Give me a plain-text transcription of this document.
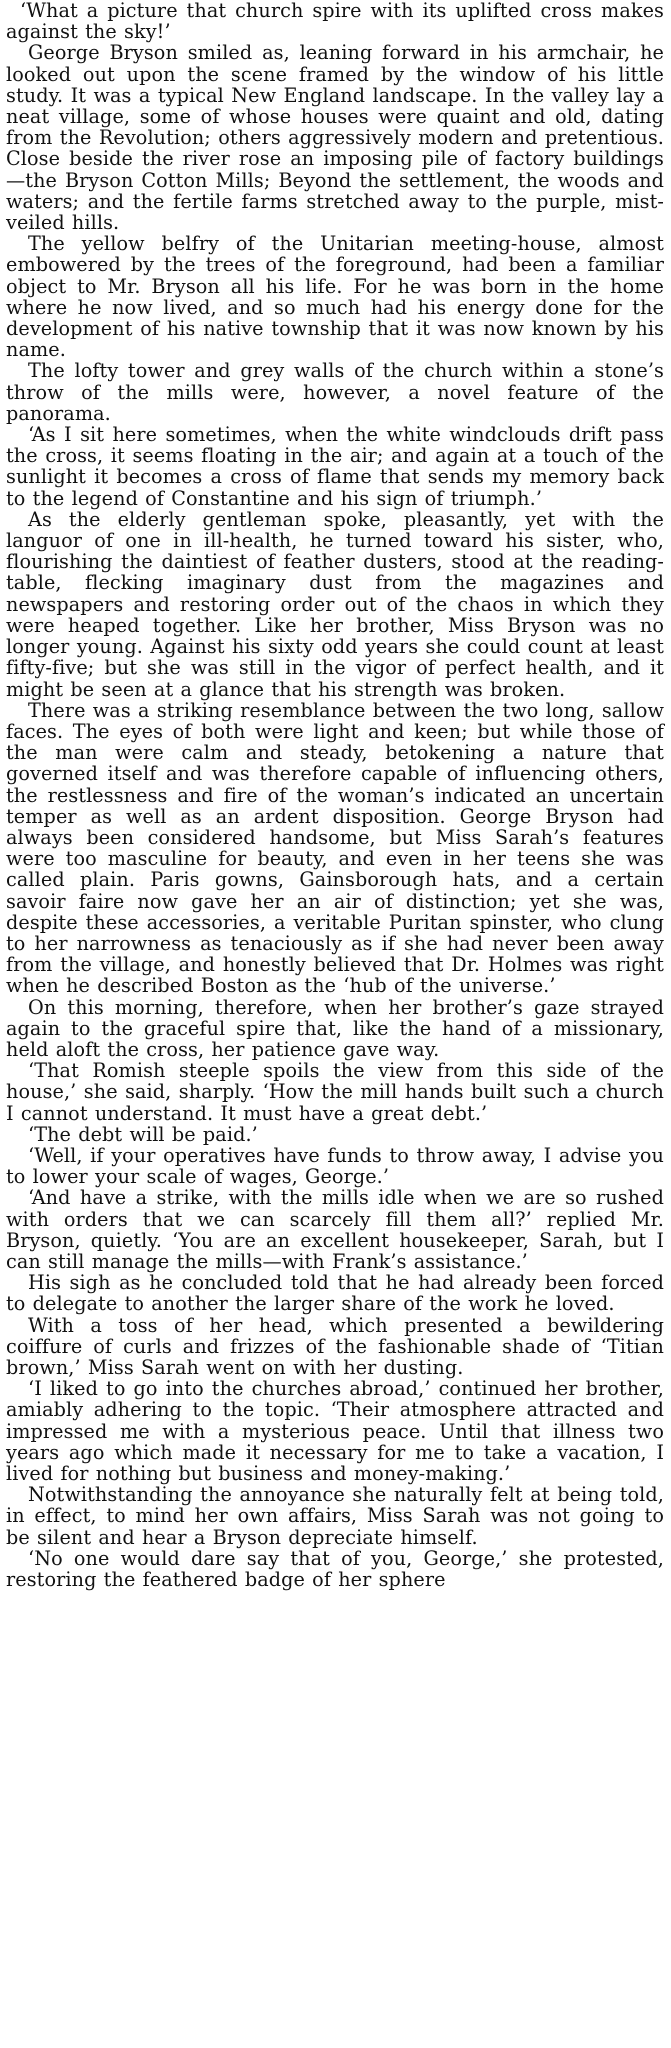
‘What a picture that church spire with its uplifted cross makes against the sky!’

George Bryson smiled as, leaning forward in his armchair, he looked out upon the scene framed by the window of his little study. It was a typical New England landscape. In the valley lay a neat village, some of whose houses were quaint and old, dating from the Revolution; others aggressively modern and pretentious. Close beside the river rose an imposing pile of factory buildings—the Bryson Cotton Mills; Beyond the settlement, the woods and waters; and the fertile farms stretched away to the purple, mist-veiled hills.

The yellow belfry of the Unitarian meeting-house, almost embowered by the trees of the foreground, had been a familiar object to Mr. Bryson all his life. For he was born in the home where he now lived, and so much had his energy done for the development of his native township that it was now known by his name.

The lofty tower and grey walls of the church within a stone’s throw of the mills were, however, a novel feature of the panorama.

‘As I sit here sometimes, when the white windclouds drift pass the cross, it seems floating in the air; and again at a touch of the sunlight it becomes a cross of flame that sends my memory back to the legend of Constantine and his sign of triumph.’

As the elderly gentleman spoke, pleasantly, yet with the languor of one in ill-health, he turned toward his sister, who, flourishing the daintiest of feather dusters, stood at the reading-table, flecking imaginary dust from the magazines and newspapers and restoring order out of the chaos in which they were heaped together. Like her brother, Miss Bryson was no longer young. Against his sixty odd years she could count at least fifty-five; but she was still in the vigor of perfect health, and it might be seen at a glance that his strength was broken.

There was a striking resemblance between the two long, sallow faces. The eyes of both were light and keen; but while those of the man were calm and steady, betokening a nature that governed itself and was therefore capable of influencing others, the restlessness and fire of the woman’s indicated an uncertain temper as well as an ardent disposition. George Bryson had always been considered handsome, but Miss Sarah’s features were too masculine for beauty, and even in her teens she was called plain. Paris gowns, Gainsborough hats, and a certain savoir faire now gave her an air of distinction; yet she was, despite these accessories, a veritable Puritan spinster, who clung to her narrowness as tenaciously as if she had never been away from the village, and honestly believed that Dr. Holmes was right when he described Boston as the ‘hub of the universe.’

On this morning, therefore, when her brother’s gaze strayed again to the graceful spire that, like the hand of a missionary, held aloft the cross, her patience gave way.

‘That Romish steeple spoils the view from this side of the house,’ she said, sharply. ‘How the mill hands built such a church I cannot understand. It must have a great debt.’

‘The debt will be paid.’

‘Well, if your operatives have funds to throw away, I advise you to lower your scale of wages, George.’

‘And have a strike, with the mills idle when we are so rushed with orders that we can scarcely fill them all?’ replied Mr. Bryson, quietly. ‘You are an excellent housekeeper, Sarah, but I can still manage the mills—with Frank’s assistance.’

His sigh as he concluded told that he had already been forced to delegate to another the larger share of the work he loved.

With a toss of her head, which presented a bewildering coiffure of curls and frizzes of the fashionable shade of ‘Titian brown,’ Miss Sarah went on with her dusting.

‘I liked to go into the churches abroad,’ continued her brother, amiably adhering to the topic. ‘Their atmosphere attracted and impressed me with a mysterious peace. Until that illness two years ago which made it necessary for me to take a vacation, I lived for nothing but business and money-making.’

Notwithstanding the annoyance she naturally felt at being told, in effect, to mind her own affairs, Miss Sarah was not going to be silent and hear a Bryson depreciate himself.

‘No one would dare say that of you, George,’ she protested, restoring the feathered badge of her sphere
